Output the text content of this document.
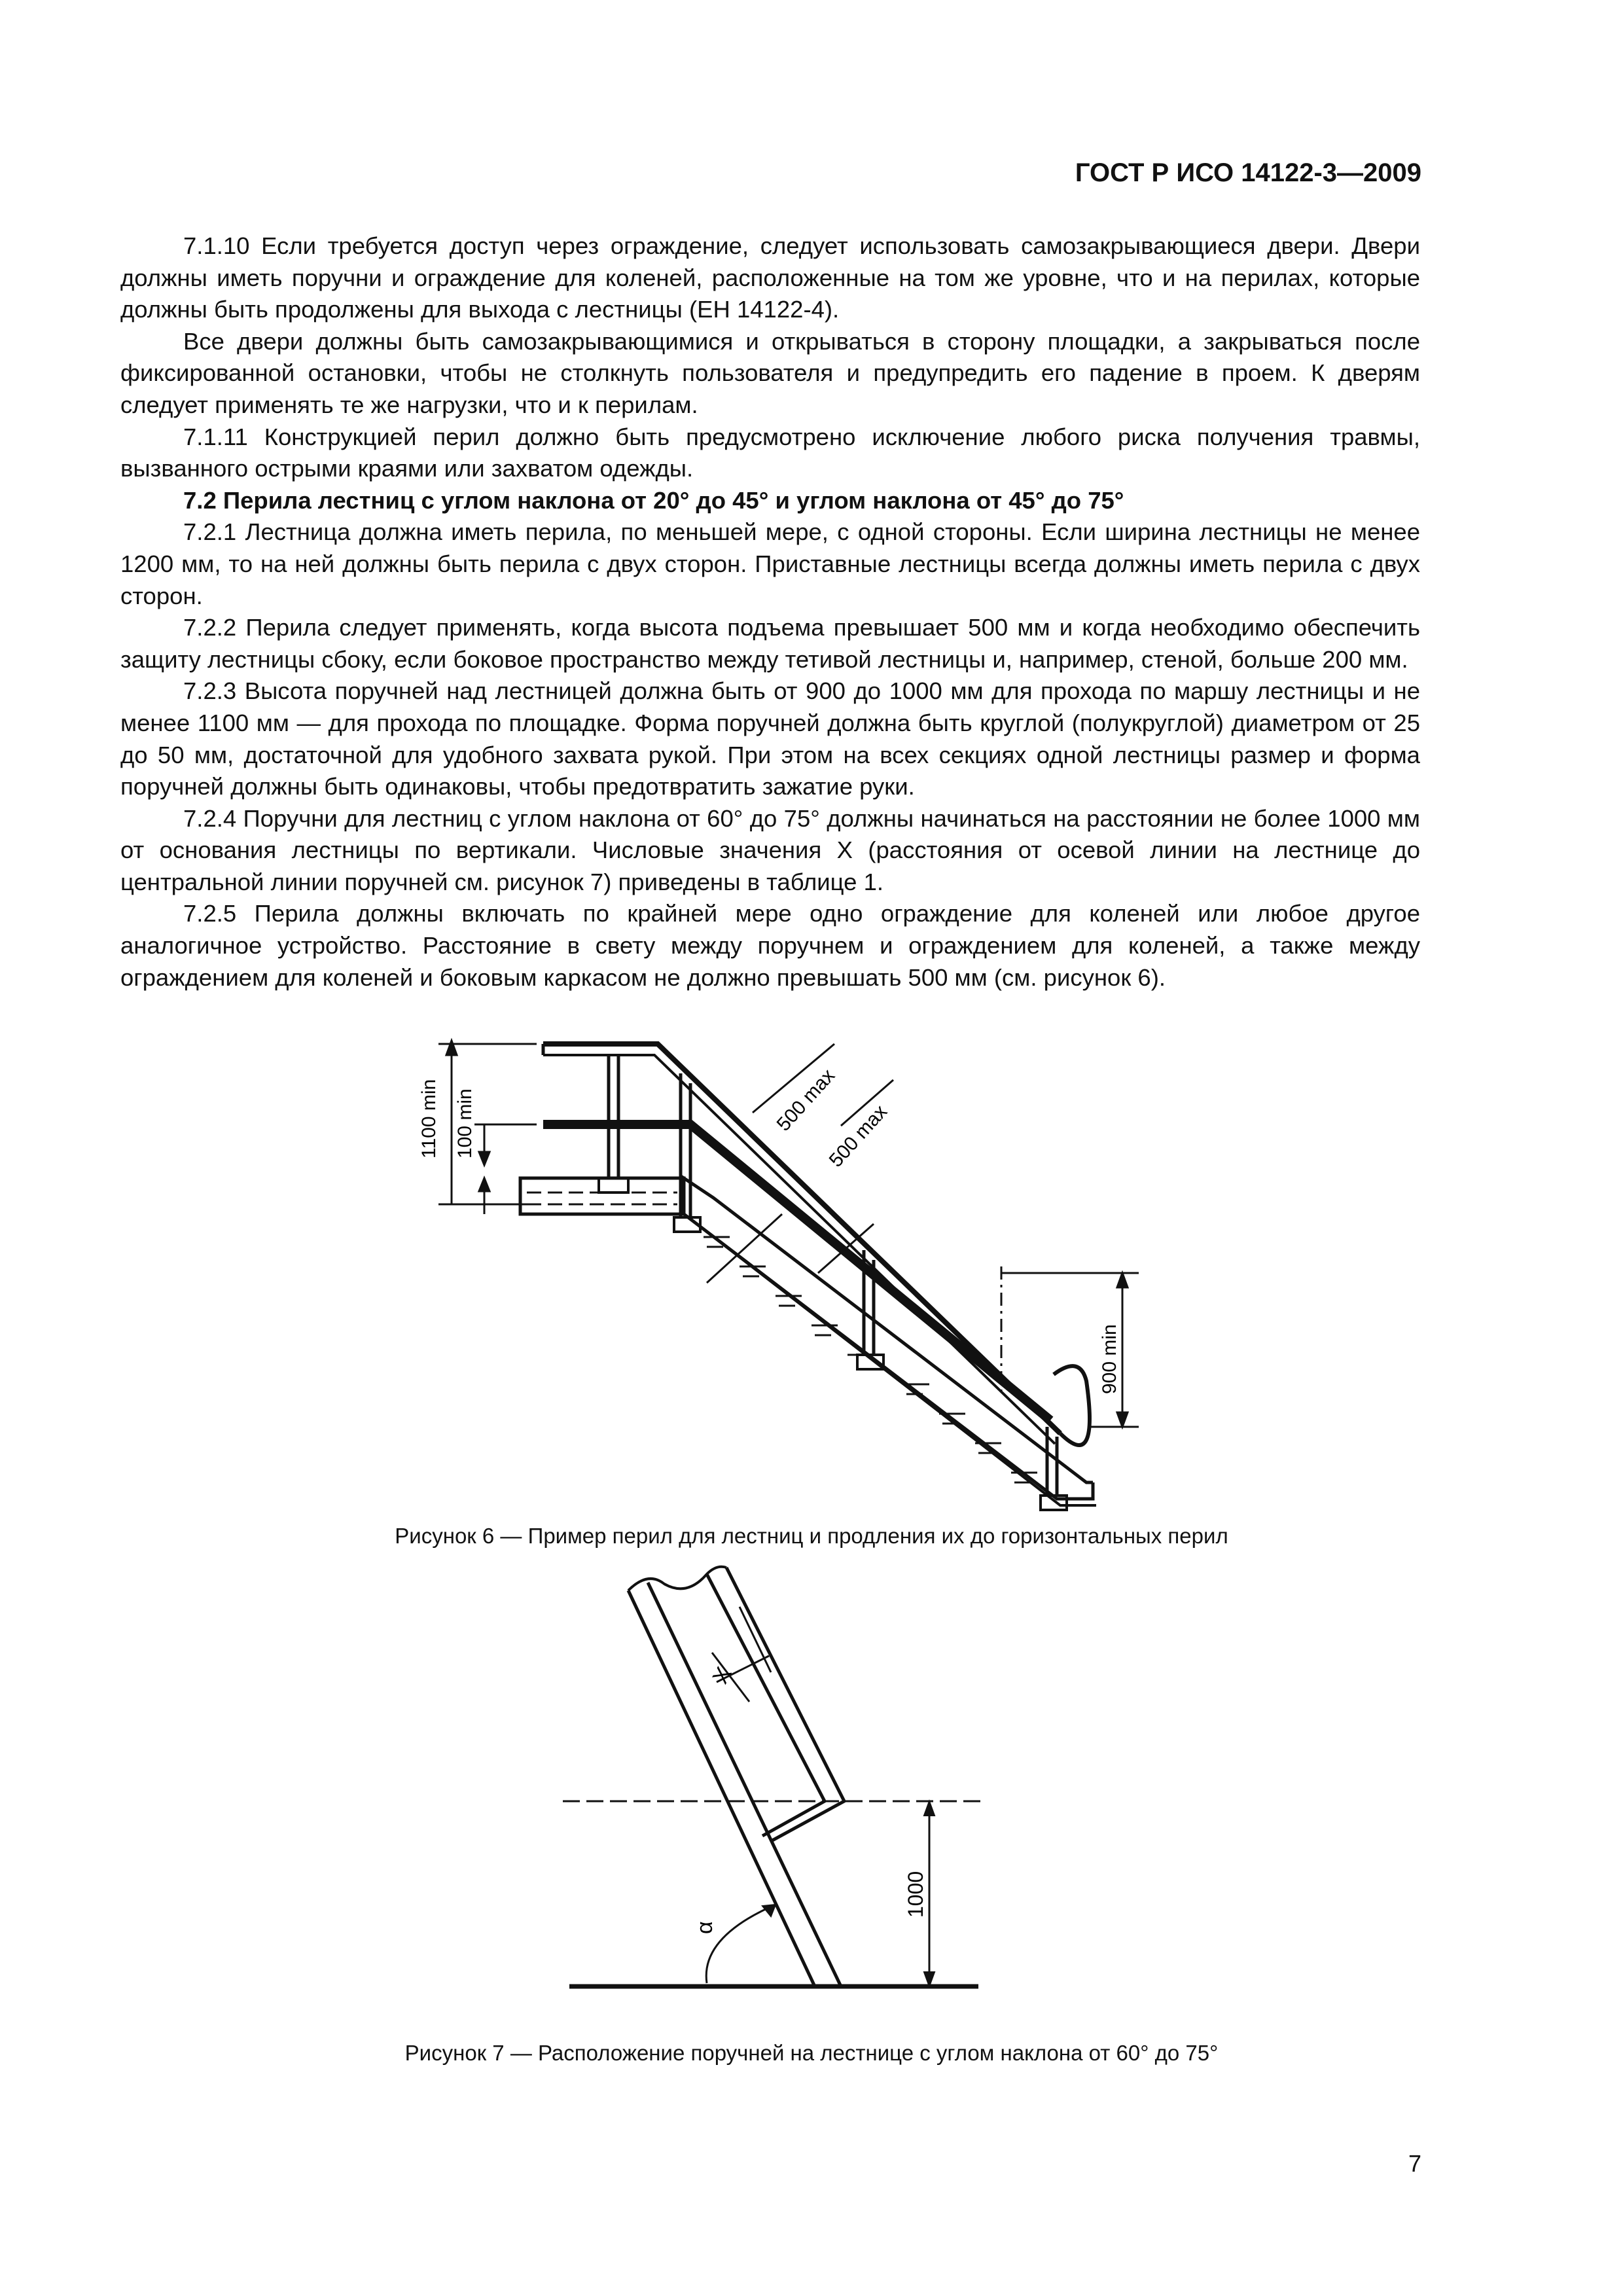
ГОСТ Р ИСО 14122-3—2009

7.1.10 Если требуется доступ через ограждение, следует использовать самозакрывающиеся двери. Двери должны иметь поручни и ограждение для коленей, расположенные на том же уровне, что и на перилах, которые должны быть продолжены для выхода с лестницы (ЕН 14122-4).

Все двери должны быть самозакрывающимися и открываться в сторону площадки, а закрываться после фиксированной остановки, чтобы не столкнуть пользователя и предупредить его падение в проем. К дверям следует применять те же нагрузки, что и к перилам.

7.1.11 Конструкцией перил должно быть предусмотрено исключение любого риска получения травмы, вызванного острыми краями или захватом одежды.

7.2 Перила лестниц с углом наклона от 20° до 45° и углом наклона от 45° до 75°

7.2.1 Лестница должна иметь перила, по меньшей мере, с одной стороны. Если ширина лестницы не менее 1200 мм, то на ней должны быть перила с двух сторон. Приставные лестницы всегда должны иметь перила с двух сторон.

7.2.2 Перила следует применять, когда высота подъема превышает 500 мм и когда необходимо обеспечить защиту лестницы сбоку, если боковое пространство между тетивой лестницы и, например, стеной, больше 200 мм.

7.2.3 Высота поручней над лестницей должна быть от 900 до 1000 мм для прохода по маршу лестницы и не менее 1100 мм — для прохода по площадке. Форма поручней должна быть круглой (полукруглой) диаметром от 25 до 50 мм, достаточной для удобного захвата рукой. При этом на всех секциях одной лестницы размер и форма поручней должны быть одинаковы, чтобы предотвратить зажатие руки.

7.2.4 Поручни для лестниц с углом наклона от 60° до 75° должны начинаться на расстоянии не более 1000 мм от основания лестницы по вертикали. Числовые значения X (расстояния от осевой линии на лестнице до центральной линии поручней см. рисунок 7) приведены в таблице 1.

7.2.5 Перила должны включать по крайней мере одно ограждение для коленей или любое другое аналогичное устройство. Расстояние в свету между поручнем и ограждением для коленей, а также между ограждением для коленей и боковым каркасом не должно превышать 500 мм (см. рисунок 6).

1100 min 100 min	500 max
500 max
900 min
Рисунок 6 — Пример перил для лестниц и продления их до горизонтальных перил
X
α
1000
Рисунок 7 — Расположение поручней на лестнице с углом наклона от 60° до 75°
7
